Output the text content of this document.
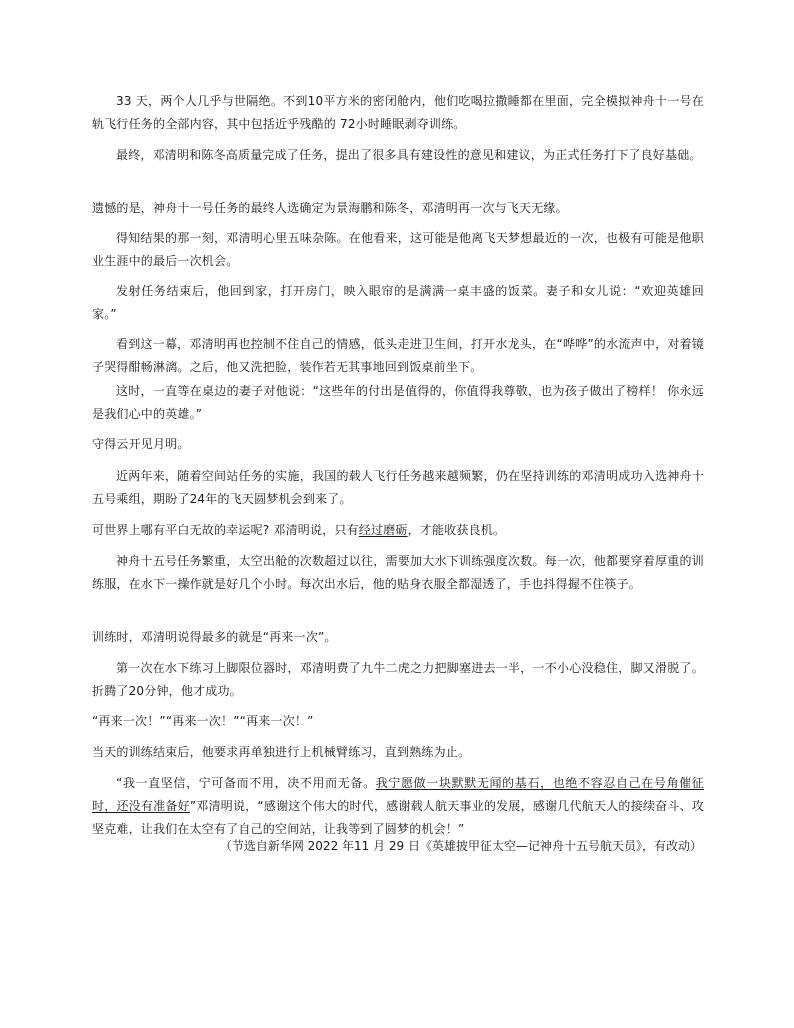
33 天，两个人几乎与世隔绝。不到10平方米的密闭舱内，他们吃喝拉撒睡都在里面，完全模拟神舟十一号在轨飞行任务的全部内容，其中包括近乎残酷的 72小时睡眠剥夺训练。

最终，邓清明和陈冬高质量完成了任务，提出了很多具有建设性的意见和建议，为正式任务打下了良好基础。

遗憾的是，神舟十一号任务的最终人选确定为景海鹏和陈冬，邓清明再一次与飞天无缘。

得知结果的那一刻，邓清明心里五味杂陈。在他看来，这可能是他离飞天梦想最近的一次，也极有可能是他职业生涯中的最后一次机会。

发射任务结束后，他回到家，打开房门，映入眼帘的是满满一桌丰盛的饭菜。妻子和女儿说：“欢迎英雄回家。”

看到这一幕，邓清明再也控制不住自己的情感，低头走进卫生间，打开水龙头，在“哗哗”的水流声中，对着镜子哭得酣畅淋漓。之后，他又洗把脸，装作若无其事地回到饭桌前坐下。

这时，一直等在桌边的妻子对他说：“这些年的付出是值得的，你值得我尊敬，也为孩子做出了榜样！ 你永远是我们心中的英雄。”

守得云开见月明。

近两年来，随着空间站任务的实施，我国的载人飞行任务越来越频繁，仍在坚持训练的邓清明成功入选神舟十五号乘组，期盼了24年的飞天圆梦机会到来了。

可世界上哪有平白无故的幸运呢? 邓清明说，只有经过磨砺，才能收获良机。

神舟十五号任务繁重，太空出舱的次数超过以往，需要加大水下训练强度次数。每一次，他都要穿着厚重的训练服，在水下一操作就是好几个小时。每次出水后，他的贴身衣服全都湿透了，手也抖得握不住筷子。

训练时，邓清明说得最多的就是“再来一次”。

第一次在水下练习上脚限位器时，邓清明费了九牛二虎之力把脚塞进去一半，一不小心没稳住，脚又滑脱了。折腾了20分钟，他才成功。

“再来一次！”“再来一次！”“再来一次！”

当天的训练结束后，他要求再单独进行上机械臂练习，直到熟练为止。

“我一直坚信，宁可备而不用，决不用而无备。我宁愿做一块默默无闻的基石，也绝不容忍自己在号角催征时，还没有准备好”邓清明说，“感谢这个伟大的时代，感谢载人航天事业的发展，感谢几代航天人的接续奋斗、攻坚克难，让我们在太空有了自己的空间站，让我等到了圆梦的机会！”

（节选自新华网 2022 年11 月 29 日《英雄披甲征太空—记神舟十五号航天员》，有改动）
